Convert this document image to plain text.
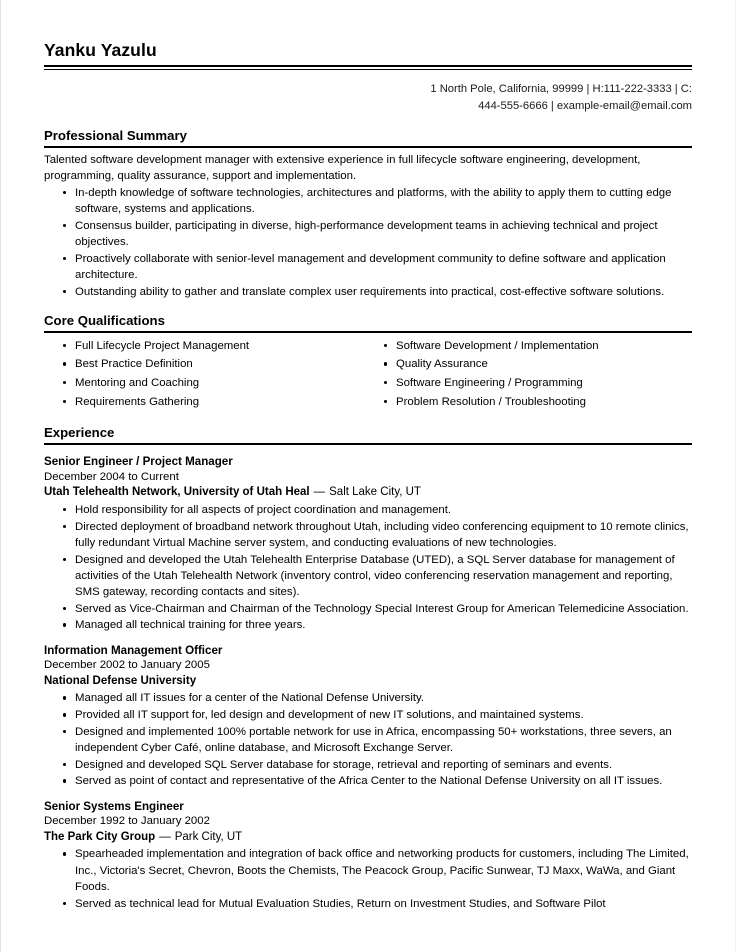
Yanku Yazulu
1 North Pole, California, 99999 | H:111-222-3333 | C:
444-555-6666 | example-email@email.com
Professional Summary

Talented software development manager with extensive experience in full lifecycle software engineering, development, programming, quality assurance, support and implementation.

In-depth knowledge of software technologies, architectures and platforms, with the ability to apply them to cutting edge software, systems and applications.
Consensus builder, participating in diverse, high-performance development teams in achieving technical and project objectives.
Proactively collaborate with senior-level management and development community to define software and application architecture.
Outstanding ability to gather and translate complex user requirements into practical, cost-effective software solutions.
Core Qualifications
Full Lifecycle Project Management
Best Practice Definition
Mentoring and Coaching
Requirements Gathering
Software Development / Implementation
Quality Assurance
Software Engineering / Programming
Problem Resolution / Troubleshooting
Experience
Senior Engineer / Project Manager
December 2004 to Current
Utah Telehealth Network, University of Utah Heal — Salt Lake City, UT
Hold responsibility for all aspects of project coordination and management.
Directed deployment of broadband network throughout Utah, including video conferencing equipment to 10 remote clinics, fully redundant Virtual Machine server system, and conducting evaluations of new technologies.
Designed and developed the Utah Telehealth Enterprise Database (UTED), a SQL Server database for management of activities of the Utah Telehealth Network (inventory control, video conferencing reservation management and reporting, SMS gateway, recording contacts and sites).
Served as Vice-Chairman and Chairman of the Technology Special Interest Group for American Telemedicine Association.
Managed all technical training for three years.
Information Management Officer
December 2002 to January 2005
National Defense University
Managed all IT issues for a center of the National Defense University.
Provided all IT support for, led design and development of new IT solutions, and maintained systems.
Designed and implemented 100% portable network for use in Africa, encompassing 50+ workstations, three severs, an independent Cyber Café, online database, and Microsoft Exchange Server.
Designed and developed SQL Server database for storage, retrieval and reporting of seminars and events.
Served as point of contact and representative of the Africa Center to the National Defense University on all IT issues.
Senior Systems Engineer
December 1992 to January 2002
The Park City Group — Park City, UT
Spearheaded implementation and integration of back office and networking products for customers, including The Limited, Inc., Victoria's Secret, Chevron, Boots the Chemists, The Peacock Group, Pacific Sunwear, TJ Maxx, WaWa, and Giant Foods.
Served as technical lead for Mutual Evaluation Studies, Return on Investment Studies, and Software Pilot
